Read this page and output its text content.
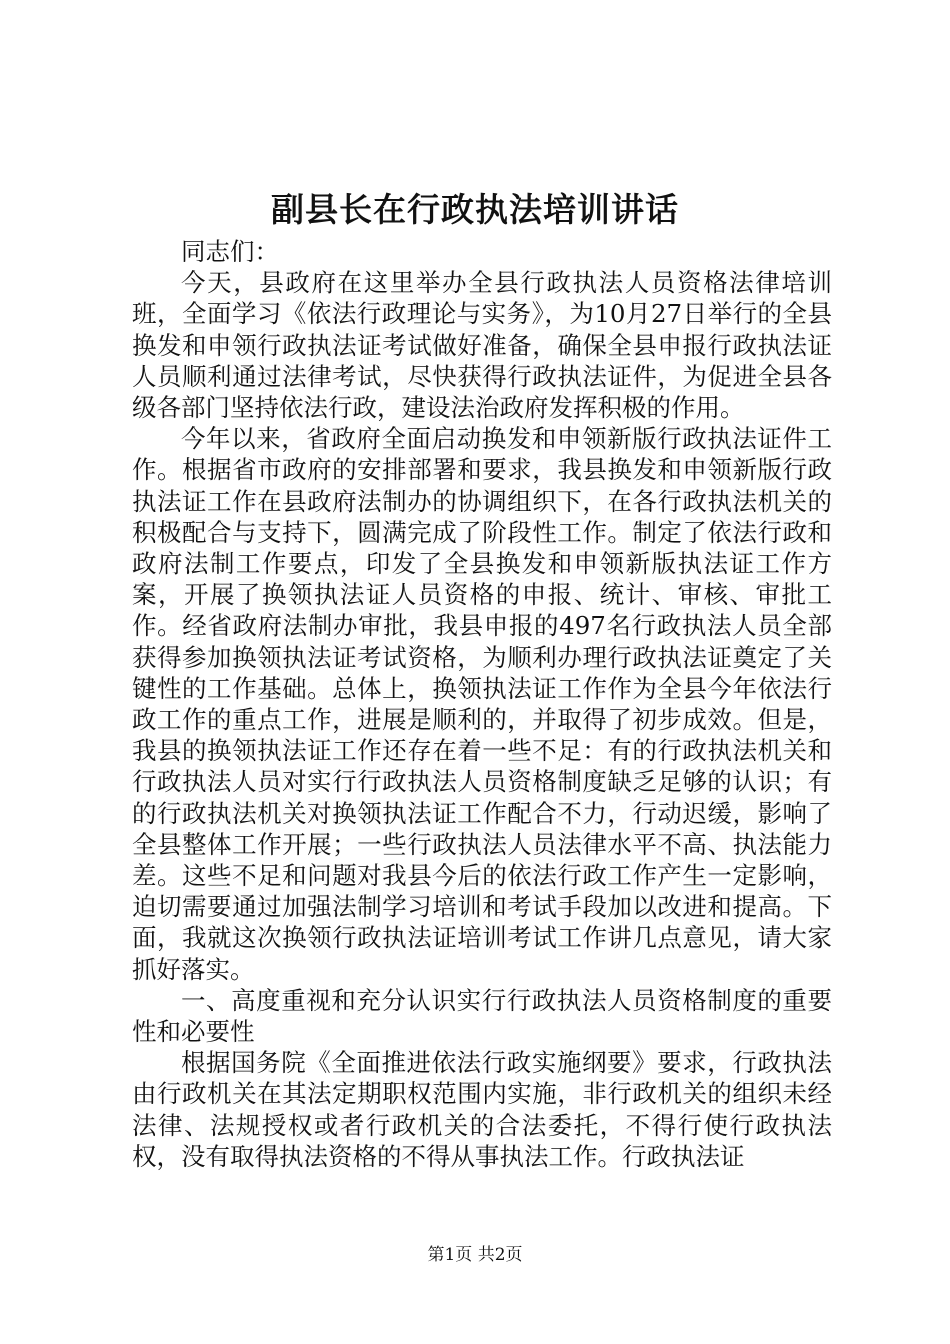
副县长在行政执法培训讲话

同志们：

今天，县政府在这里举办全县行政执法人员资格法律培训班，全面学习《依法行政理论与实务》，为10月27日举行的全县换发和申领行政执法证考试做好准备，确保全县申报行政执法证人员顺利通过法律考试，尽快获得行政执法证件，为促进全县各级各部门坚持依法行政，建设法治政府发挥积极的作用。

今年以来，省政府全面启动换发和申领新版行政执法证件工作。根据省市政府的安排部署和要求，我县换发和申领新版行政执法证工作在县政府法制办的协调组织下，在各行政执法机关的积极配合与支持下，圆满完成了阶段性工作。制定了依法行政和政府法制工作要点，印发了全县换发和申领新版执法证工作方案，开展了换领执法证人员资格的申报、统计、审核、审批工作。经省政府法制办审批，我县申报的497名行政执法人员全部获得参加换领执法证考试资格，为顺利办理行政执法证奠定了关键性的工作基础。总体上，换领执法证工作作为全县今年依法行政工作的重点工作，进展是顺利的，并取得了初步成效。但是，我县的换领执法证工作还存在着一些不足：有的行政执法机关和行政执法人员对实行行政执法人员资格制度缺乏足够的认识；有的行政执法机关对换领执法证工作配合不力，行动迟缓，影响了全县整体工作开展；一些行政执法人员法律水平不高、执法能力差。这些不足和问题对我县今后的依法行政工作产生一定影响，迫切需要通过加强法制学习培训和考试手段加以改进和提高。下面，我就这次换领行政执法证培训考试工作讲几点意见，请大家抓好落实。

一、高度重视和充分认识实行行政执法人员资格制度的重要性和必要性

根据国务院《全面推进依法行政实施纲要》要求，行政执法由行政机关在其法定期职权范围内实施，非行政机关的组织未经法律、法规授权或者行政机关的合法委托，不得行使行政执法权，没有取得执法资格的不得从事执法工作。行政执法证

第1页 共2页
